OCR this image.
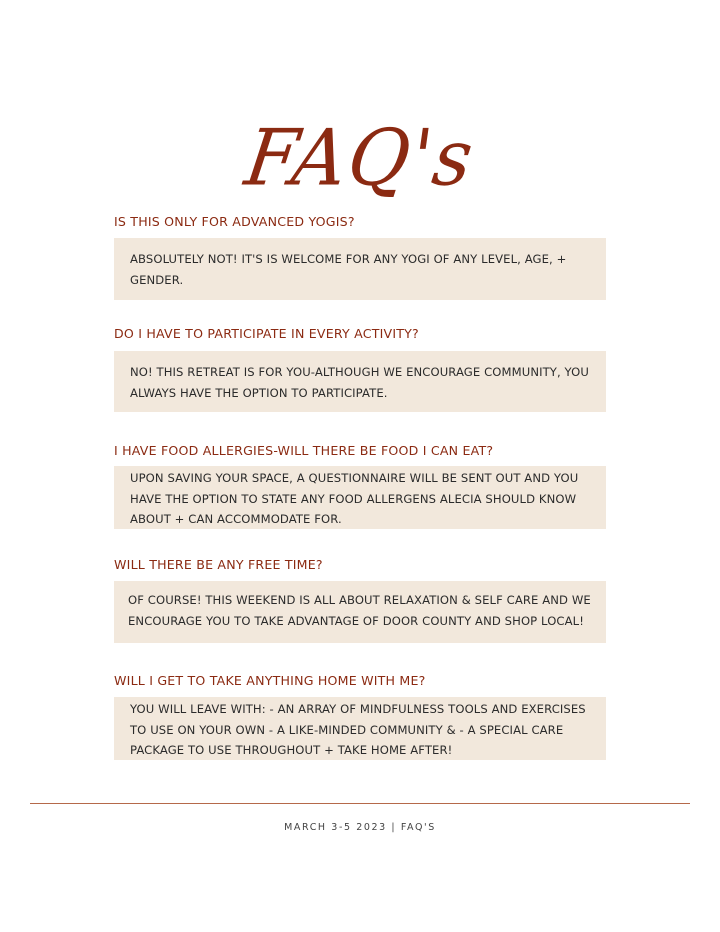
FAQ's
IS THIS ONLY FOR ADVANCED YOGIS?
ABSOLUTELY NOT! IT'S IS WELCOME FOR ANY YOGI OF ANY LEVEL, AGE, + GENDER.
DO I HAVE TO PARTICIPATE IN EVERY ACTIVITY?
NO! THIS RETREAT IS FOR YOU-ALTHOUGH WE ENCOURAGE COMMUNITY, YOU ALWAYS HAVE THE OPTION TO PARTICIPATE.
I HAVE FOOD ALLERGIES-WILL THERE BE FOOD I CAN EAT?
UPON SAVING YOUR SPACE, A QUESTIONNAIRE WILL BE SENT OUT AND YOU HAVE THE OPTION TO STATE ANY FOOD ALLERGENS ALECIA SHOULD KNOW ABOUT + CAN ACCOMMODATE FOR.
WILL THERE BE ANY FREE TIME?
OF COURSE! THIS WEEKEND IS ALL ABOUT RELAXATION & SELF CARE AND WE ENCOURAGE YOU TO TAKE ADVANTAGE OF DOOR COUNTY AND SHOP LOCAL!
WILL I GET TO TAKE ANYTHING HOME WITH ME?
YOU WILL LEAVE WITH: - AN ARRAY OF MINDFULNESS TOOLS AND EXERCISES TO USE ON YOUR OWN - A LIKE-MINDED COMMUNITY & - A SPECIAL CARE PACKAGE TO USE THROUGHOUT + TAKE HOME AFTER!
MARCH 3-5 2023 | FAQ'S
